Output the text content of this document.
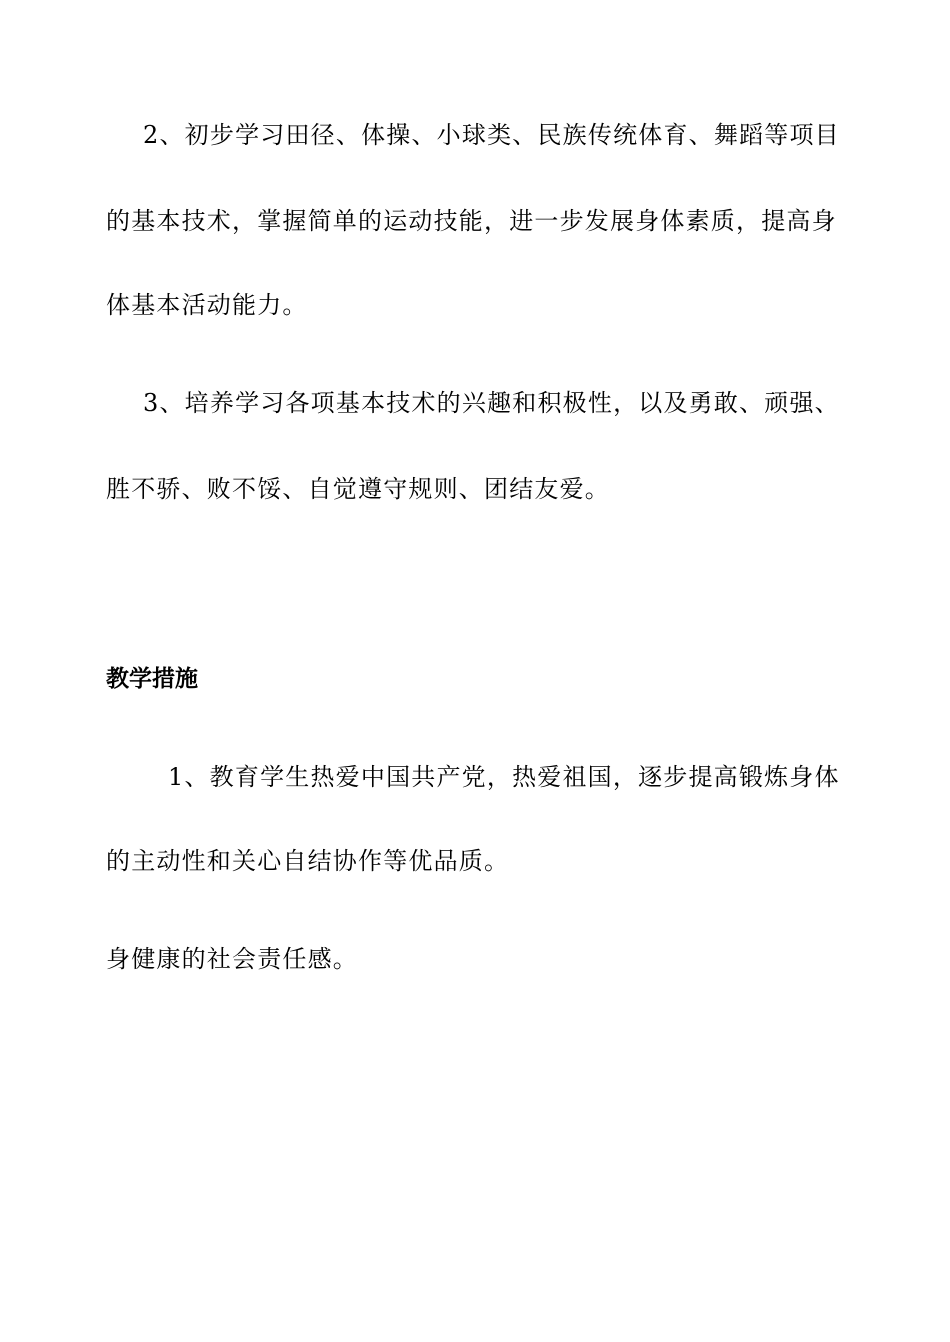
2、初步学习田径、体操、小球类、民族传统体育、舞蹈等项目
的基本技术，掌握简单的运动技能，进一步发展身体素质，提高身
体基本活动能力。
3、培养学习各项基本技术的兴趣和积极性，以及勇敢、顽强、
胜不骄、败不馁、自觉遵守规则、团结友爱。
教学措施
1、教育学生热爱中国共产党，热爱祖国，逐步提高锻炼身体
的主动性和关心自结协作等优品质。
身健康的社会责任感。
